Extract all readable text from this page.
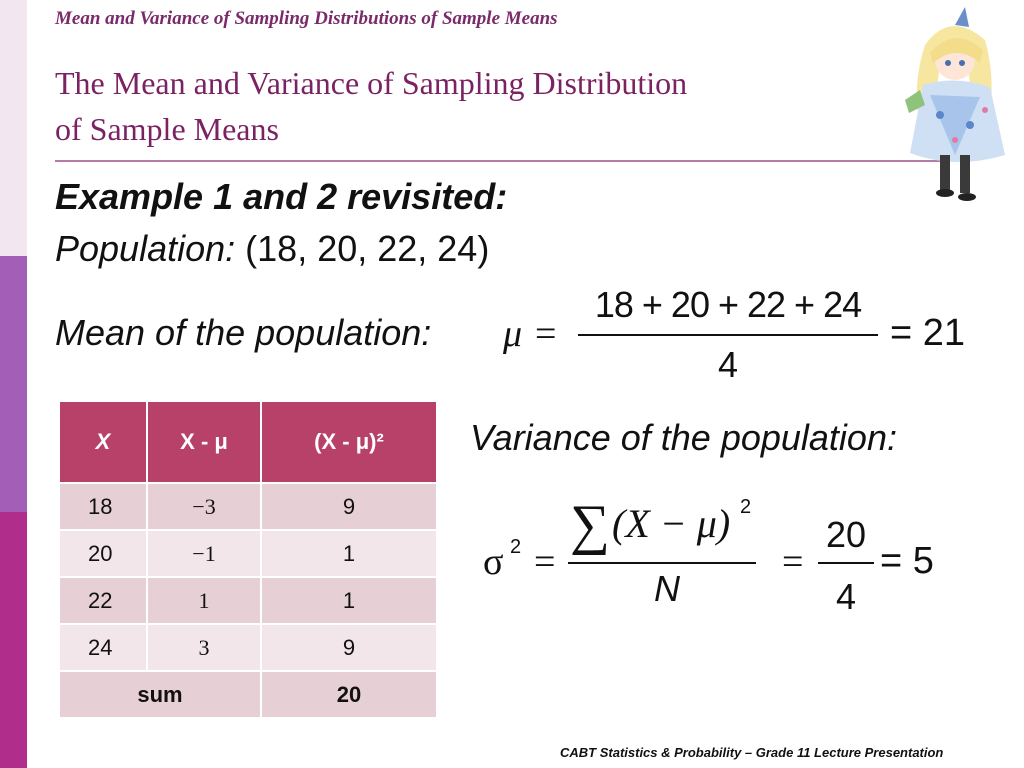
Mean and Variance of Sampling Distributions of Sample Means
The Mean and Variance of Sampling Distribution
of Sample Means
Example 1 and 2 revisited:
Population: (18, 20, 22, 24)
Mean of the population: μ =
18 + 20 + 22 + 24
4
= 21
X	X - μ	(X - μ)²
18	−3	9
20	−1	1
22	1	1
24	3	9
sum		20
Variance of the population:
σ 2 =
∑ (X − μ) 2
N
=
20
4
= 5
CABT Statistics & Probability – Grade 11 Lecture Presentation
